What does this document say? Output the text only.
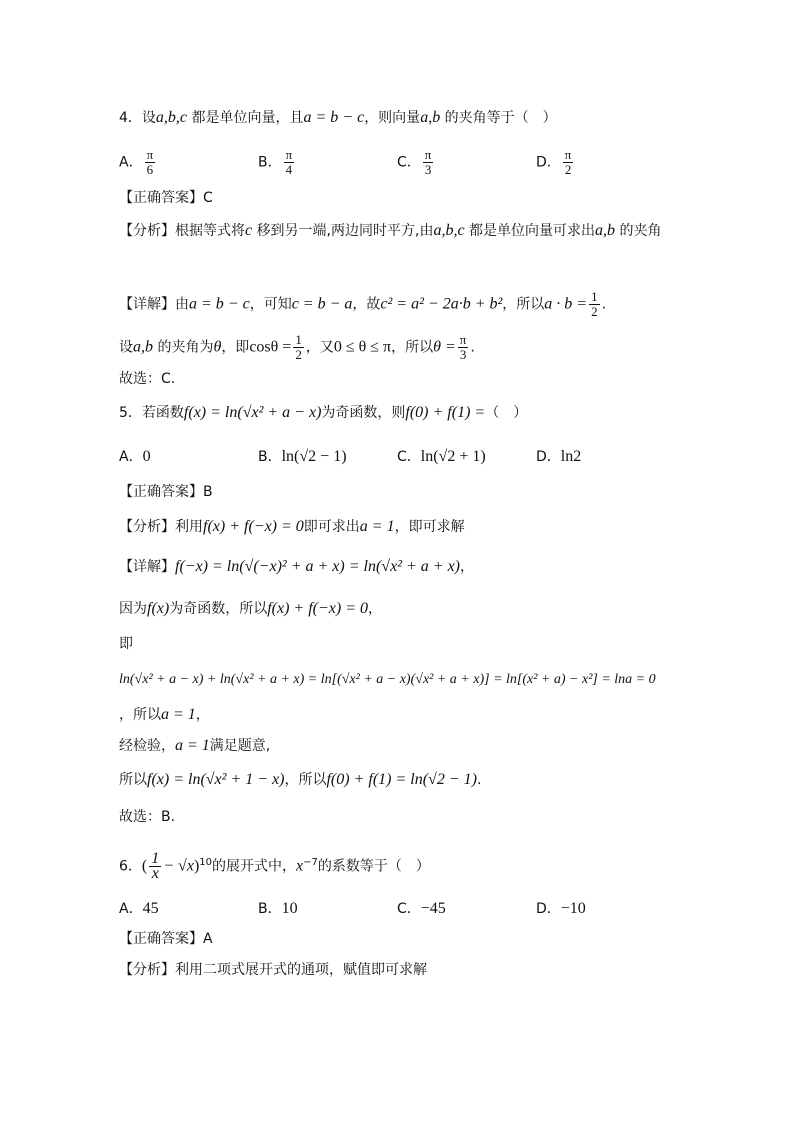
4．设a,b,c 都是单位向量，且a = b − c，则向量a,b 的夹角等于（　）
A． $\frac{\pi}{6}$	B． $\frac{\pi}{4}$	C． $\frac{\pi}{3}$	D． $\frac{\pi}{2}$
【正确答案】C
【分析】根据等式将c 移到另一端,两边同时平方,由a,b,c 都是单位向量可求出a,b 的夹角
【详解】由a = b − c，可知c = b − a，故c² = a² − 2a·b + b²，所以$a \cdot b = \frac{1}{2}$ .
设a,b 的夹角为θ，即$\cos\theta = \frac{1}{2}$ ，又0 ≤ θ ≤ π，所以$\theta = \frac{\pi}{3}$ .
故选：C.
5．若函数f(x) = ln(√x² + a − x)为奇函数，则f(0) + f(1) =（　）
A．0	B．ln(√2 − 1)	C．ln(√2 + 1)	D．ln2
【正确答案】B
【分析】利用f(x) + f(−x) = 0即可求出a = 1，即可求解
【详解】f(−x) = ln(√(−x)² + a + x) = ln(√x² + a + x)，
因为f(x)为奇函数，所以f(x) + f(−x) = 0，
即
ln(√x² + a − x) + ln(√x² + a + x) = ln[(√x² + a − x)(√x² + a + x)] = ln[(x² + a) − x²] = lna = 0
，所以a = 1，
经检验，a = 1满足题意,
所以f(x) = ln(√x² + 1 − x)，所以f(0) + f(1) = ln(√2 − 1).
故选：B.
6．( $\frac{1}{x} - √x)^{10}$的展开式中，$x^{-7}$的系数等于（　）
A．45	B．10	C．−45	D．−10
【正确答案】A
【分析】利用二项式展开式的通项，赋值即可求解
